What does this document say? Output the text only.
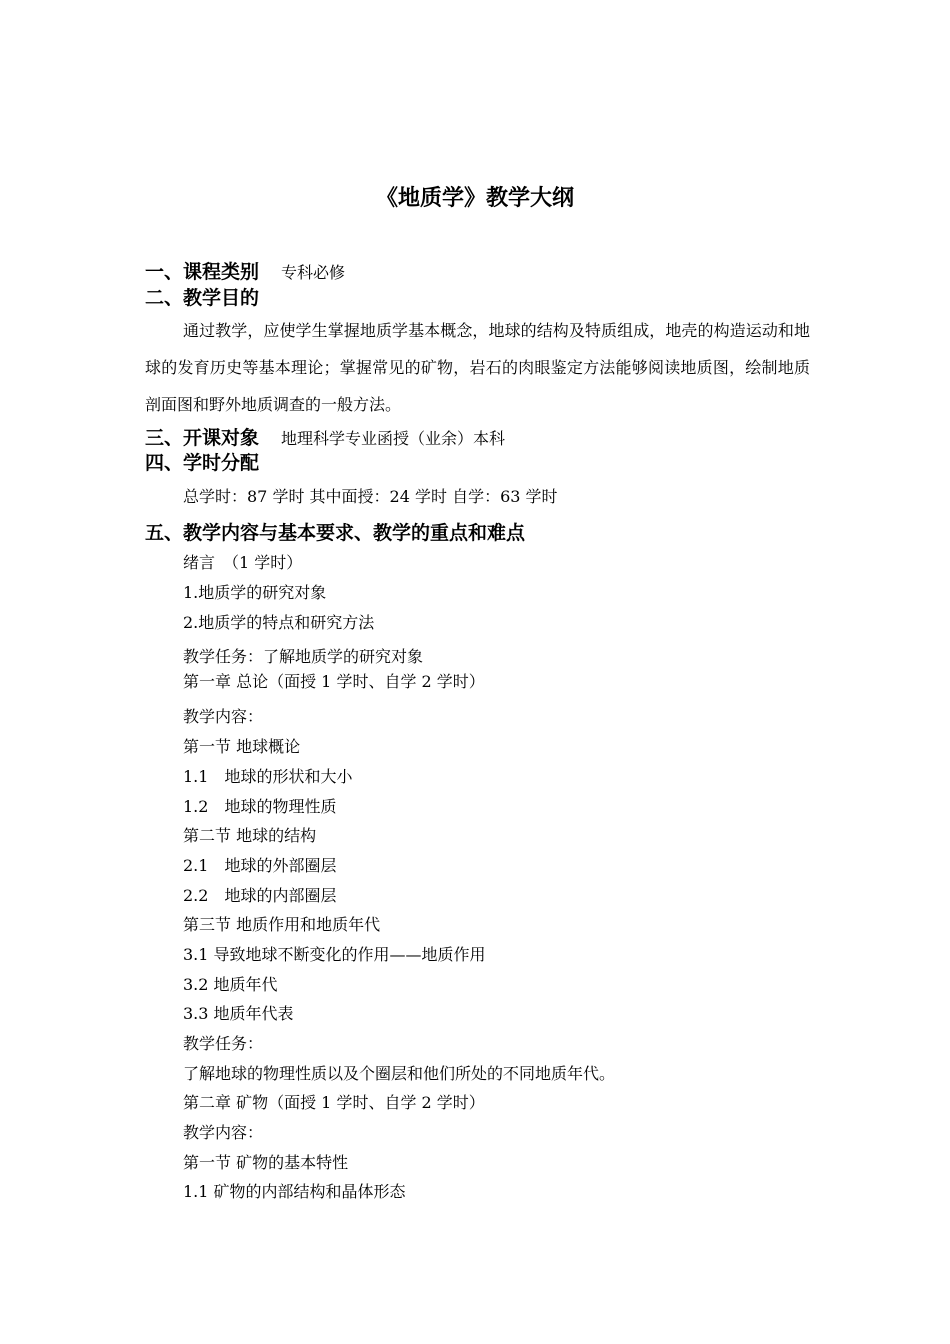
《地质学》教学大纲
一、课程类别 专科必修
二、教学目的
通过教学，应使学生掌握地质学基本概念，地球的结构及特质组成，地壳的构造运动和地球的发育历史等基本理论；掌握常见的矿物，岩石的肉眼鉴定方法能够阅读地质图，绘制地质剖面图和野外地质调查的一般方法。
三、开课对象 地理科学专业函授（业余）本科
四、学时分配
总学时：87 学时 其中面授：24 学时 自学：63 学时
五、教学内容与基本要求、教学的重点和难点
绪言　（1 学时）
1.地质学的研究对象
2.地质学的特点和研究方法
教学任务：了解地质学的研究对象
第一章 总论（面授 1 学时、自学 2 学时）
教学内容：
第一节 地球概论
1.1　地球的形状和大小
1.2　地球的物理性质
第二节 地球的结构
2.1　地球的外部圈层
2.2　地球的内部圈层
第三节 地质作用和地质年代
3.1 导致地球不断变化的作用——地质作用
3.2 地质年代
3.3 地质年代表
教学任务：
了解地球的物理性质以及个圈层和他们所处的不同地质年代。
第二章 矿物（面授 1 学时、自学 2 学时）
教学内容：
第一节 矿物的基本特性
1.1 矿物的内部结构和晶体形态
